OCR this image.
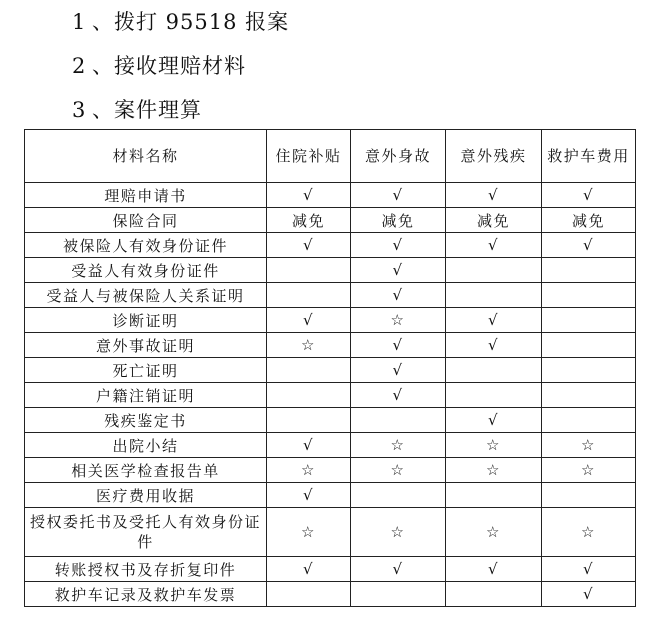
1 、拨打 95518 报案
2 、接收理赔材料
3 、案件理算
材料名称	住院补贴	意外身故	意外残疾	救护车费用
理赔申请书	√	√	√	√
保险合同	减免	减免	减免	减免
被保险人有效身份证件	√	√	√	√
受益人有效身份证件		√		
受益人与被保险人关系证明		√		
诊断证明	√	☆	√	
意外事故证明	☆	√	√	
死亡证明		√		
户籍注销证明		√		
残疾鉴定书			√	
出院小结	√	☆	☆	☆
相关医学检查报告单	☆	☆	☆	☆
医疗费用收据	√			
授权委托书及受托人有效身份证件	☆	☆	☆	☆
转账授权书及存折复印件	√	√	√	√
救护车记录及救护车发票				√
